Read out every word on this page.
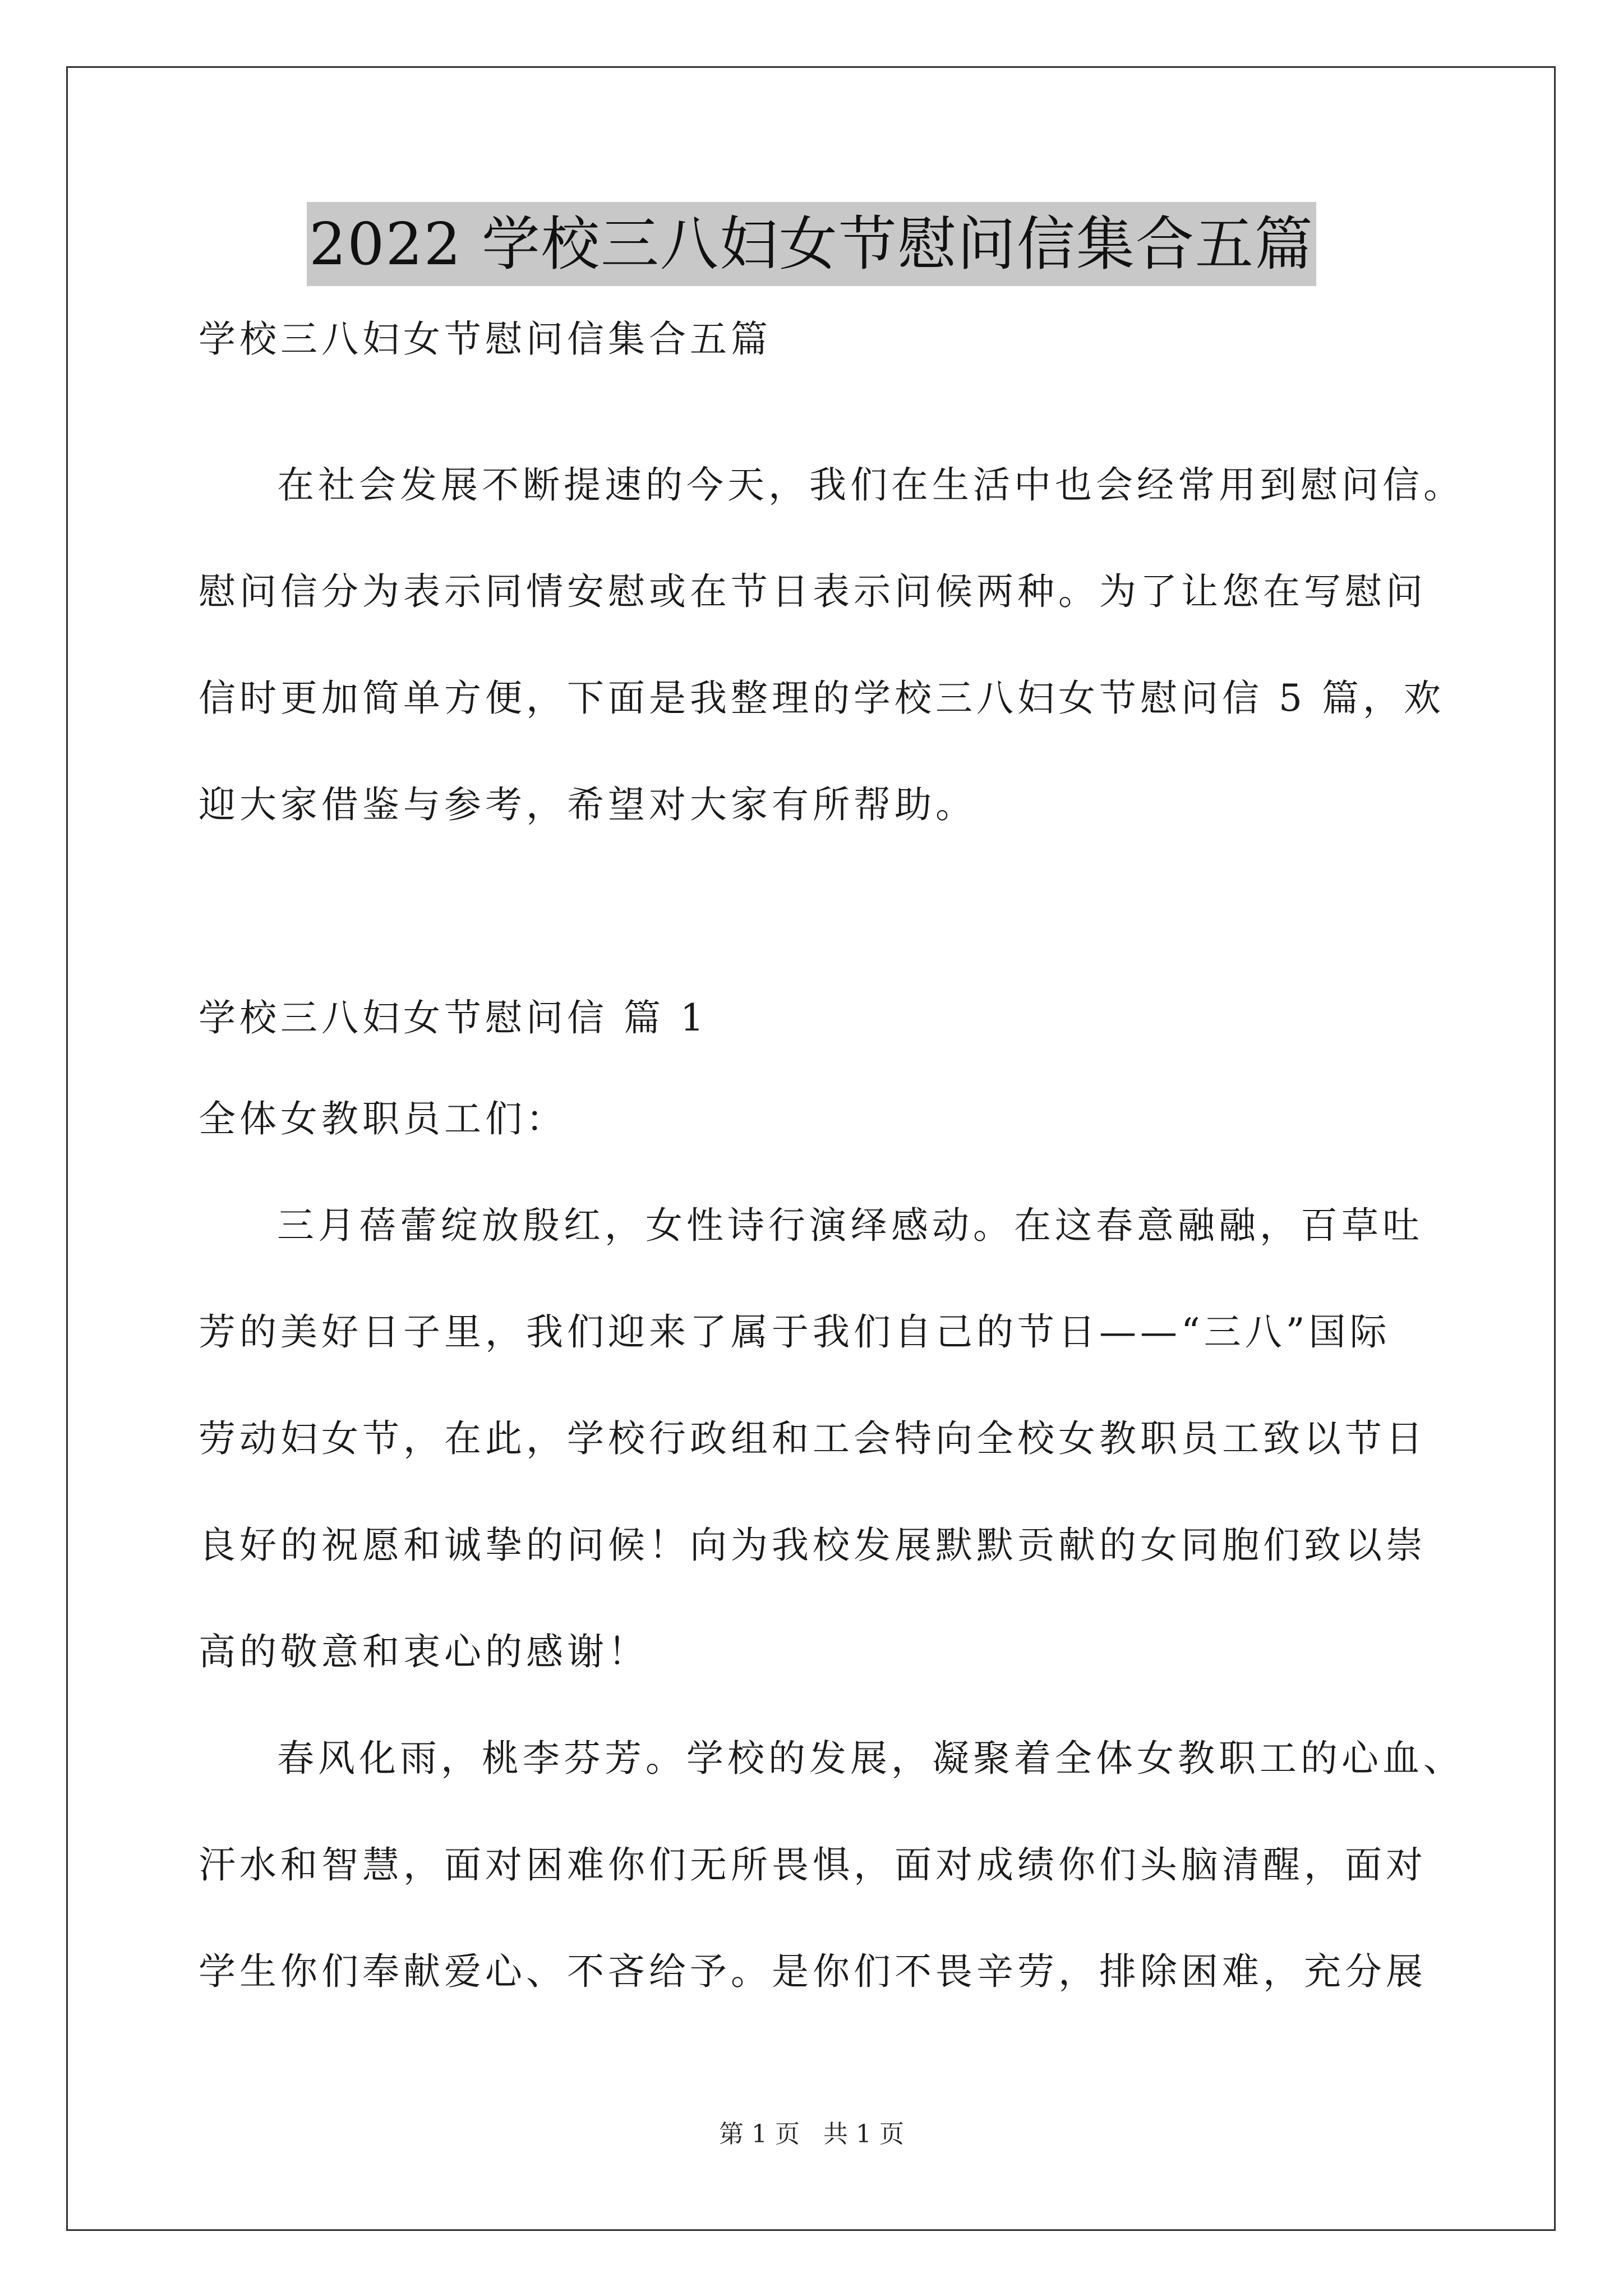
2022 学校三八妇女节慰问信集合五篇
学校三八妇女节慰问信集合五篇
在社会发展不断提速的今天，我们在生活中也会经常用到慰问信。
慰问信分为表示同情安慰或在节日表示问候两种。为了让您在写慰问
信时更加简单方便，下面是我整理的学校三八妇女节慰问信 5 篇，欢
迎大家借鉴与参考，希望对大家有所帮助。
学校三八妇女节慰问信 篇 1
全体女教职员工们：
三月蓓蕾绽放殷红，女性诗行演绎感动。在这春意融融，百草吐
芳的美好日子里，我们迎来了属于我们自己的节日——“三八”国际
劳动妇女节，在此，学校行政组和工会特向全校女教职员工致以节日
良好的祝愿和诚挚的问候！向为我校发展默默贡献的女同胞们致以崇
高的敬意和衷心的感谢！
春风化雨，桃李芬芳。学校的发展，凝聚着全体女教职工的心血、
汗水和智慧，面对困难你们无所畏惧，面对成绩你们头脑清醒，面对
学生你们奉献爱心、不吝给予。是你们不畏辛劳，排除困难，充分展
第 1 页 共 1 页
